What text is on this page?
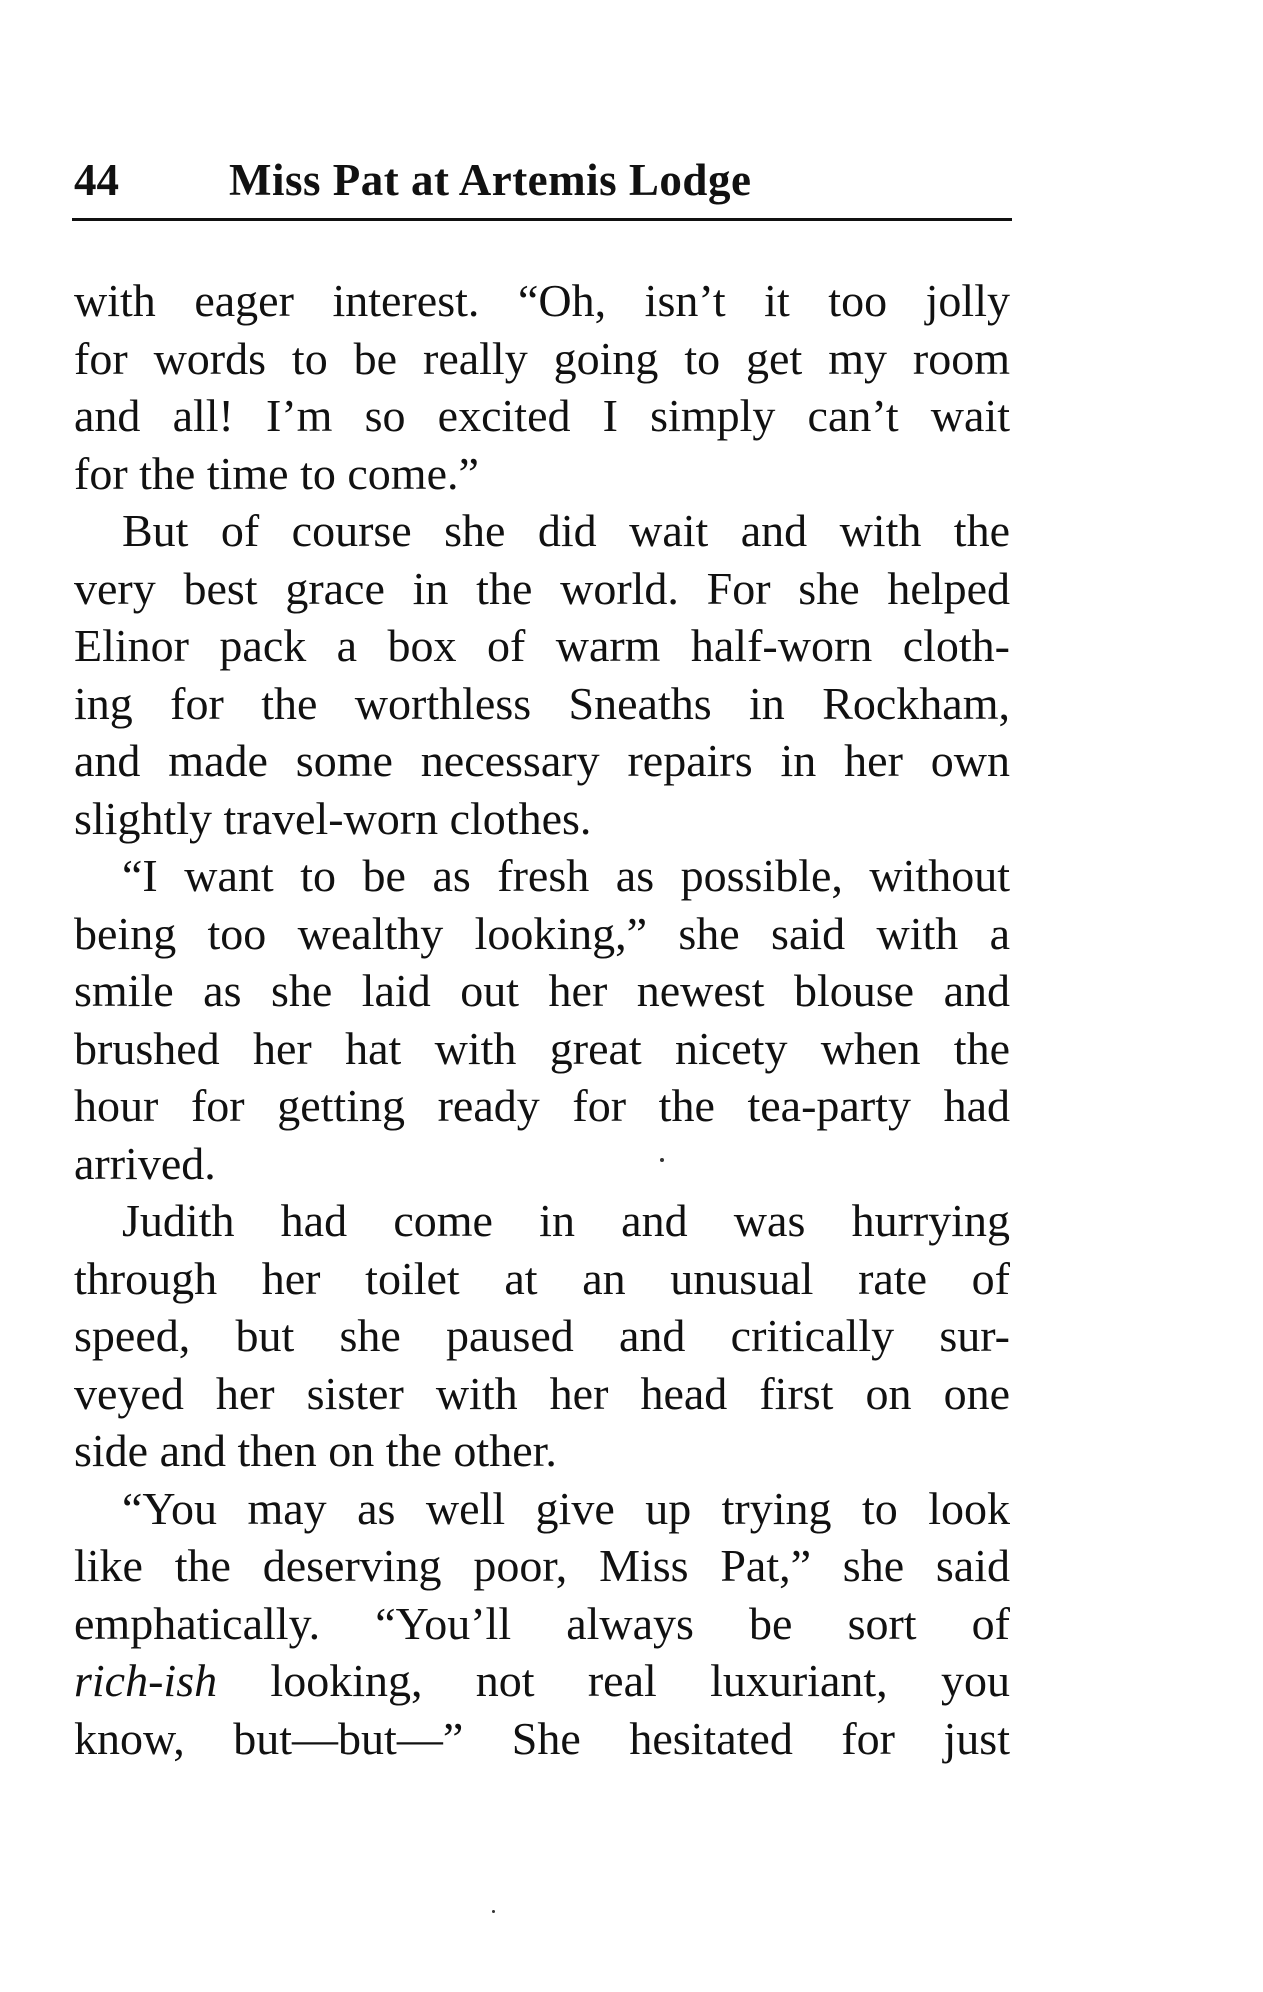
44 Miss Pat at Artemis Lodge
with eager interest. “Oh, isn’t it too jolly
for words to be really going to get my room
and all! I’m so excited I simply can’t wait
for the time to come.”
But of course she did wait and with the
very best grace in the world. For she helped
Elinor pack a box of warm half-worn cloth-
ing for the worthless Sneaths in Rockham,
and made some necessary repairs in her own
slightly travel-worn clothes.
“I want to be as fresh as possible, without
being too wealthy looking,” she said with a
smile as she laid out her newest blouse and
brushed her hat with great nicety when the
hour for getting ready for the tea-party had
arrived.
Judith had come in and was hurrying
through her toilet at an unusual rate of
speed, but she paused and critically sur-
veyed her sister with her head first on one
side and then on the other.
“You may as well give up trying to look
like the deserving poor, Miss Pat,” she said
emphatically. “You’ll always be sort of
rich-ish looking, not real luxuriant, you
know, but—but—” She hesitated for just
